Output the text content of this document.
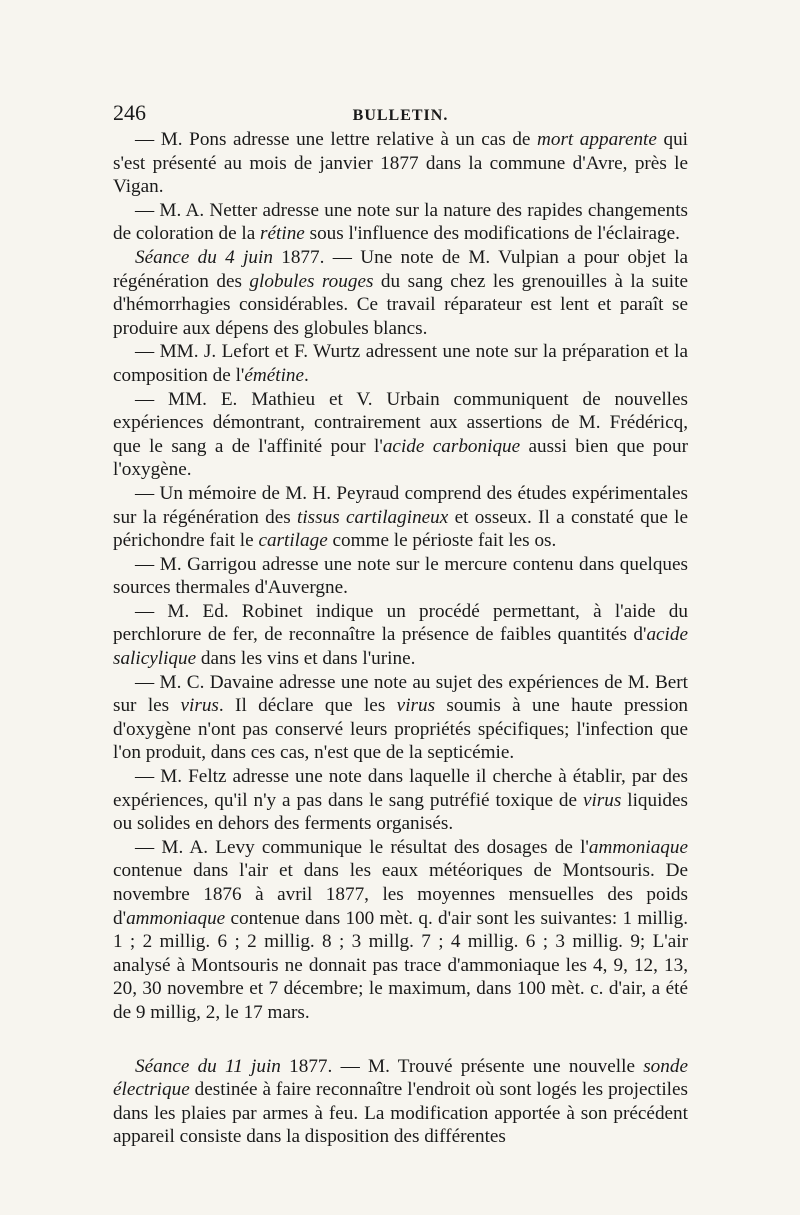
246	BULLETIN.

— M. Pons adresse une lettre relative à un cas de mort apparente qui s'est présenté au mois de janvier 1877 dans la commune d'Avre, près le Vigan.

— M. A. Netter adresse une note sur la nature des rapides changements de coloration de la rétine sous l'influence des modifications de l'éclairage.

Séance du 4 juin 1877. — Une note de M. Vulpian a pour objet la régénération des globules rouges du sang chez les grenouilles à la suite d'hémorrhagies considérables. Ce travail réparateur est lent et paraît se produire aux dépens des globules blancs.

— MM. J. Lefort et F. Wurtz adressent une note sur la préparation et la composition de l'émétine.

— MM. E. Mathieu et V. Urbain communiquent de nouvelles expériences démontrant, contrairement aux assertions de M. Frédéricq, que le sang a de l'affinité pour l'acide carbonique aussi bien que pour l'oxygène.

— Un mémoire de M. H. Peyraud comprend des études expérimentales sur la régénération des tissus cartilagineux et osseux. Il a constaté que le périchondre fait le cartilage comme le périoste fait les os.

— M. Garrigou adresse une note sur le mercure contenu dans quelques sources thermales d'Auvergne.

— M. Ed. Robinet indique un procédé permettant, à l'aide du perchlorure de fer, de reconnaître la présence de faibles quantités d'acide salicylique dans les vins et dans l'urine.

— M. C. Davaine adresse une note au sujet des expériences de M. Bert sur les virus. Il déclare que les virus soumis à une haute pression d'oxygène n'ont pas conservé leurs propriétés spécifiques; l'infection que l'on produit, dans ces cas, n'est que de la septicémie.

— M. Feltz adresse une note dans laquelle il cherche à établir, par des expériences, qu'il n'y a pas dans le sang putréfié toxique de virus liquides ou solides en dehors des ferments organisés.

— M. A. Levy communique le résultat des dosages de l'ammoniaque contenue dans l'air et dans les eaux météoriques de Montsouris. De novembre 1876 à avril 1877, les moyennes mensuelles des poids d'ammoniaque contenue dans 100 mèt. q. d'air sont les suivantes: 1 millig. 1 ; 2 millig. 6 ; 2 millig. 8 ; 3 millg. 7 ; 4 millig. 6 ; 3 millig. 9; L'air analysé à Montsouris ne donnait pas trace d'ammoniaque les 4, 9, 12, 13, 20, 30 novembre et 7 décembre; le maximum, dans 100 mèt. c. d'air, a été de 9 millig, 2, le 17 mars.

Séance du 11 juin 1877. — M. Trouvé présente une nouvelle sonde électrique destinée à faire reconnaître l'endroit où sont logés les projectiles dans les plaies par armes à feu. La modification apportée à son précédent appareil consiste dans la disposition des différentes
